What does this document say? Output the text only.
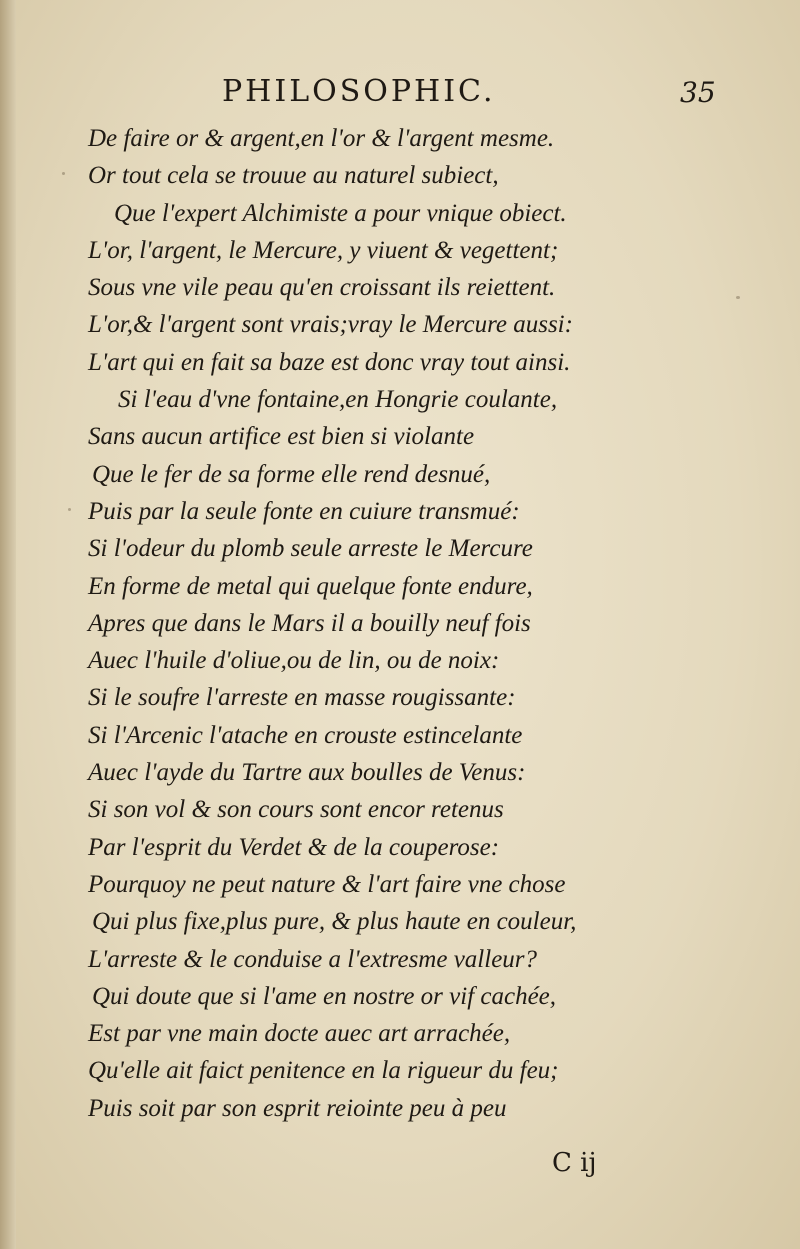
PHILOSOPHIC.	35
De faire or & argent,en l'or & l'argent mesme.
Or tout cela se trouue au naturel subiect,
Que l'expert Alchimiste a pour vnique obiect.
L'or, l'argent, le Mercure, y viuent & vegettent;
Sous vne vile peau qu'en croissant ils reiettent.
L'or,& l'argent sont vrais;vray le Mercure aussi:
L'art qui en fait sa baze est donc vray tout ainsi.
Si l'eau d'vne fontaine,en Hongrie coulante,
Sans aucun artifice est bien si violante
Que le fer de sa forme elle rend desnué,
Puis par la seule fonte en cuiure transmué:
Si l'odeur du plomb seule arreste le Mercure
En forme de metal qui quelque fonte endure,
Apres que dans le Mars il a bouilly neuf fois
Auec l'huile d'oliue,ou de lin, ou de noix:
Si le soufre l'arreste en masse rougissante:
Si l'Arcenic l'atache en crouste estincelante
Auec l'ayde du Tartre aux boulles de Venus:
Si son vol & son cours sont encor retenus
Par l'esprit du Verdet & de la couperose:
Pourquoy ne peut nature & l'art faire vne chose
Qui plus fixe,plus pure, & plus haute en couleur,
L'arreste & le conduise a l'extresme valleur?
Qui doute que si l'ame en nostre or vif cachée,
Est par vne main docte auec art arrachée,
Qu'elle ait faict penitence en la rigueur du feu;
Puis soit par son esprit reiointe peu à peu
C ij
